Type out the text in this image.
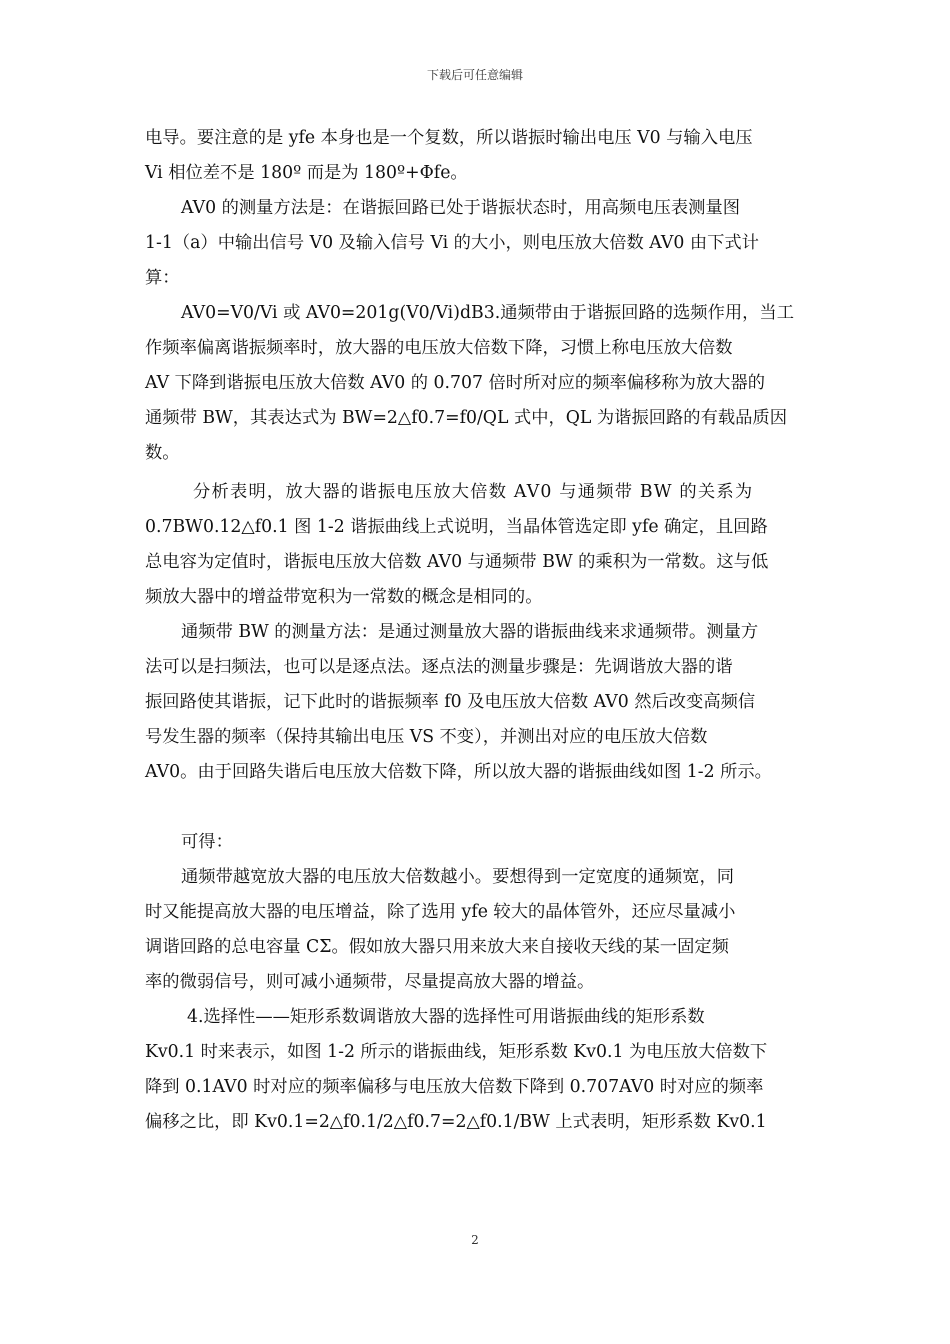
下载后可任意编辑
电导。要注意的是 yfe 本身也是一个复数，所以谐振时输出电压 V0 与输入电压
Vi 相位差不是 180º 而是为 180º+Φfe。
AV0 的测量方法是：在谐振回路已处于谐振状态时，用高频电压表测量图
1-1（a）中输出信号 V0 及输入信号 Vi 的大小，则电压放大倍数 AV0 由下式计
算：
AV0=V0/Vi 或 AV0=201g(V0/Vi)dB3.通频带由于谐振回路的选频作用，当工
作频率偏离谐振频率时，放大器的电压放大倍数下降，习惯上称电压放大倍数
AV 下降到谐振电压放大倍数 AV0 的 0.707 倍时所对应的频率偏移称为放大器的
通频带 BW，其表达式为 BW=2△f0.7=f0/QL 式中，QL 为谐振回路的有载品质因
数。
分析表明，放大器的谐振电压放大倍数 AV0 与通频带 BW 的关系为
0.7BW0.12△f0.1 图 1-2 谐振曲线上式说明，当晶体管选定即 yfe 确定，且回路
总电容为定值时，谐振电压放大倍数 AV0 与通频带 BW 的乘积为一常数。这与低
频放大器中的增益带宽积为一常数的概念是相同的。
通频带 BW 的测量方法：是通过测量放大器的谐振曲线来求通频带。测量方
法可以是扫频法，也可以是逐点法。逐点法的测量步骤是：先调谐放大器的谐
振回路使其谐振，记下此时的谐振频率 f0 及电压放大倍数 AV0 然后改变高频信
号发生器的频率（保持其输出电压 VS 不变），并测出对应的电压放大倍数
AV0。由于回路失谐后电压放大倍数下降，所以放大器的谐振曲线如图 1-2 所示。
可得：
通频带越宽放大器的电压放大倍数越小。要想得到一定宽度的通频宽，同
时又能提高放大器的电压增益，除了选用 yfe 较大的晶体管外，还应尽量减小
调谐回路的总电容量 CΣ。假如放大器只用来放大来自接收天线的某一固定频
率的微弱信号，则可减小通频带，尽量提高放大器的增益。
4.选择性——矩形系数调谐放大器的选择性可用谐振曲线的矩形系数
Kv0.1 时来表示，如图 1-2 所示的谐振曲线，矩形系数 Kv0.1 为电压放大倍数下
降到 0.1AV0 时对应的频率偏移与电压放大倍数下降到 0.707AV0 时对应的频率
偏移之比，即 Kv0.1=2△f0.1/2△f0.7=2△f0.1/BW 上式表明，矩形系数 Kv0.1
2
